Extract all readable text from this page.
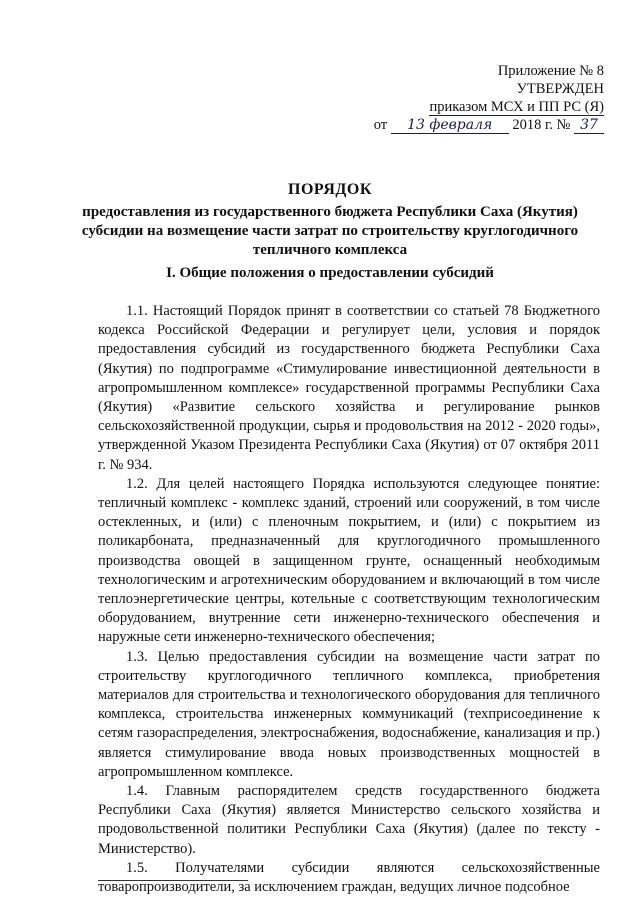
Приложение № 8
УТВЕРЖДЕН
приказом МСХ и ПП РС (Я)
от 13 февраля 2018 г. № 37
ПОРЯДОК
предоставления из государственного бюджета Республики Саха (Якутия) субсидии на возмещение части затрат по строительству круглогодичного тепличного комплекса
I. Общие положения о предоставлении субсидий

1.1. Настоящий Порядок принят в соответствии со статьей 78 Бюджетного кодекса Российской Федерации и регулирует цели, условия и порядок предоставления субсидий из государственного бюджета Республики Саха (Якутия) по подпрограмме «Стимулирование инвестиционной деятельности в агропромышленном комплексе» государственной программы Республики Саха (Якутия) «Развитие сельского хозяйства и регулирование рынков сельскохозяйственной продукции, сырья и продовольствия на 2012 - 2020 годы», утвержденной Указом Президента Республики Саха (Якутия) от 07 октября 2011 г. № 934.

1.2. Для целей настоящего Порядка используются следующее понятие: тепличный комплекс - комплекс зданий, строений или сооружений, в том числе остекленных, и (или) с пленочным покрытием, и (или) с покрытием из поликарбоната, предназначенный для круглогодичного промышленного производства овощей в защищенном грунте, оснащенный необходимым технологическим и агротехническим оборудованием и включающий в том числе теплоэнергетические центры, котельные с соответствующим технологическим оборудованием, внутренние сети инженерно-технического обеспечения и наружные сети инженерно-технического обеспечения;

1.3. Целью предоставления субсидии на возмещение части затрат по строительству круглогодичного тепличного комплекса, приобретения материалов для строительства и технологического оборудования для тепличного комплекса, строительства инженерных коммуникаций (техприсоединение к сетям газораспределения, электроснабжения, водоснабжение, канализация и пр.) является стимулирование ввода новых производственных мощностей в агропромышленном комплексе.

1.4. Главным распорядителем средств государственного бюджета Республики Саха (Якутия) является Министерство сельского хозяйства и продовольственной политики Республики Саха (Якутия) (далее по тексту - Министерство).

1.5. Получателями субсидии являются сельскохозяйственные товаропроизводители, за исключением граждан, ведущих личное подсобное
